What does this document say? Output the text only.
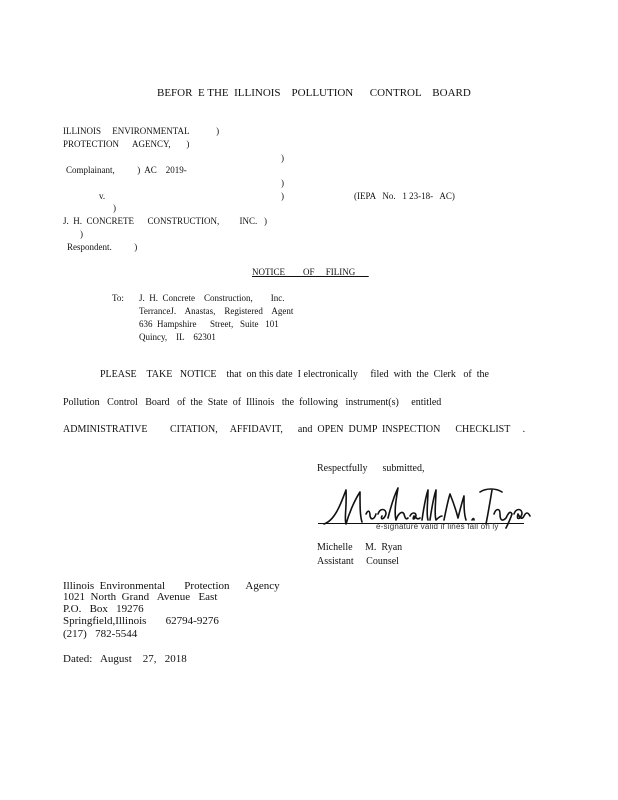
BEFOR  E THE  ILLINOIS    POLLUTION      CONTROL    BOARD
ILLINOIS     ENVIRONMENTAL            )
PROTECTION      AGENCY,       )
)
Complainant,          )  AC    2019-
)
v.	)	(IEPA   No.   1 23-18-   AC)
)
J.  H.  CONCRETE      CONSTRUCTION,         INC.   )
)
Respondent.          )
NOTICE        OF     FILING
To: J.  H.  Concrete    Construction,        Inc.
TerranceJ.    Anastas,    Registered    Agent
636  Hampshire      Street,   Suite   101
Quincy,    IL    62301
PLEASE    TAKE   NOTICE    that  on this date  I electronically     filed  with  the  Clerk   of  the
Pollution   Control   Board   of  the  State  of  Illinois   the  following   instrument(s)     entitled
ADMINISTRATIVE         CITATION,     AFFIDAVIT,      and  OPEN  DUMP  INSPECTION      CHECKLIST     .
Respectfully      submitted,
e-signature valid if lines fall on ly
Michelle     M.  Ryan
Assistant     Counsel
Illinois  Environmental       Protection      Agency
1021  North  Grand   Avenue   East
P.O.   Box   19276
Springfield,Illinois       62794-9276
(217)   782-5544
Dated:   August    27,   2018
